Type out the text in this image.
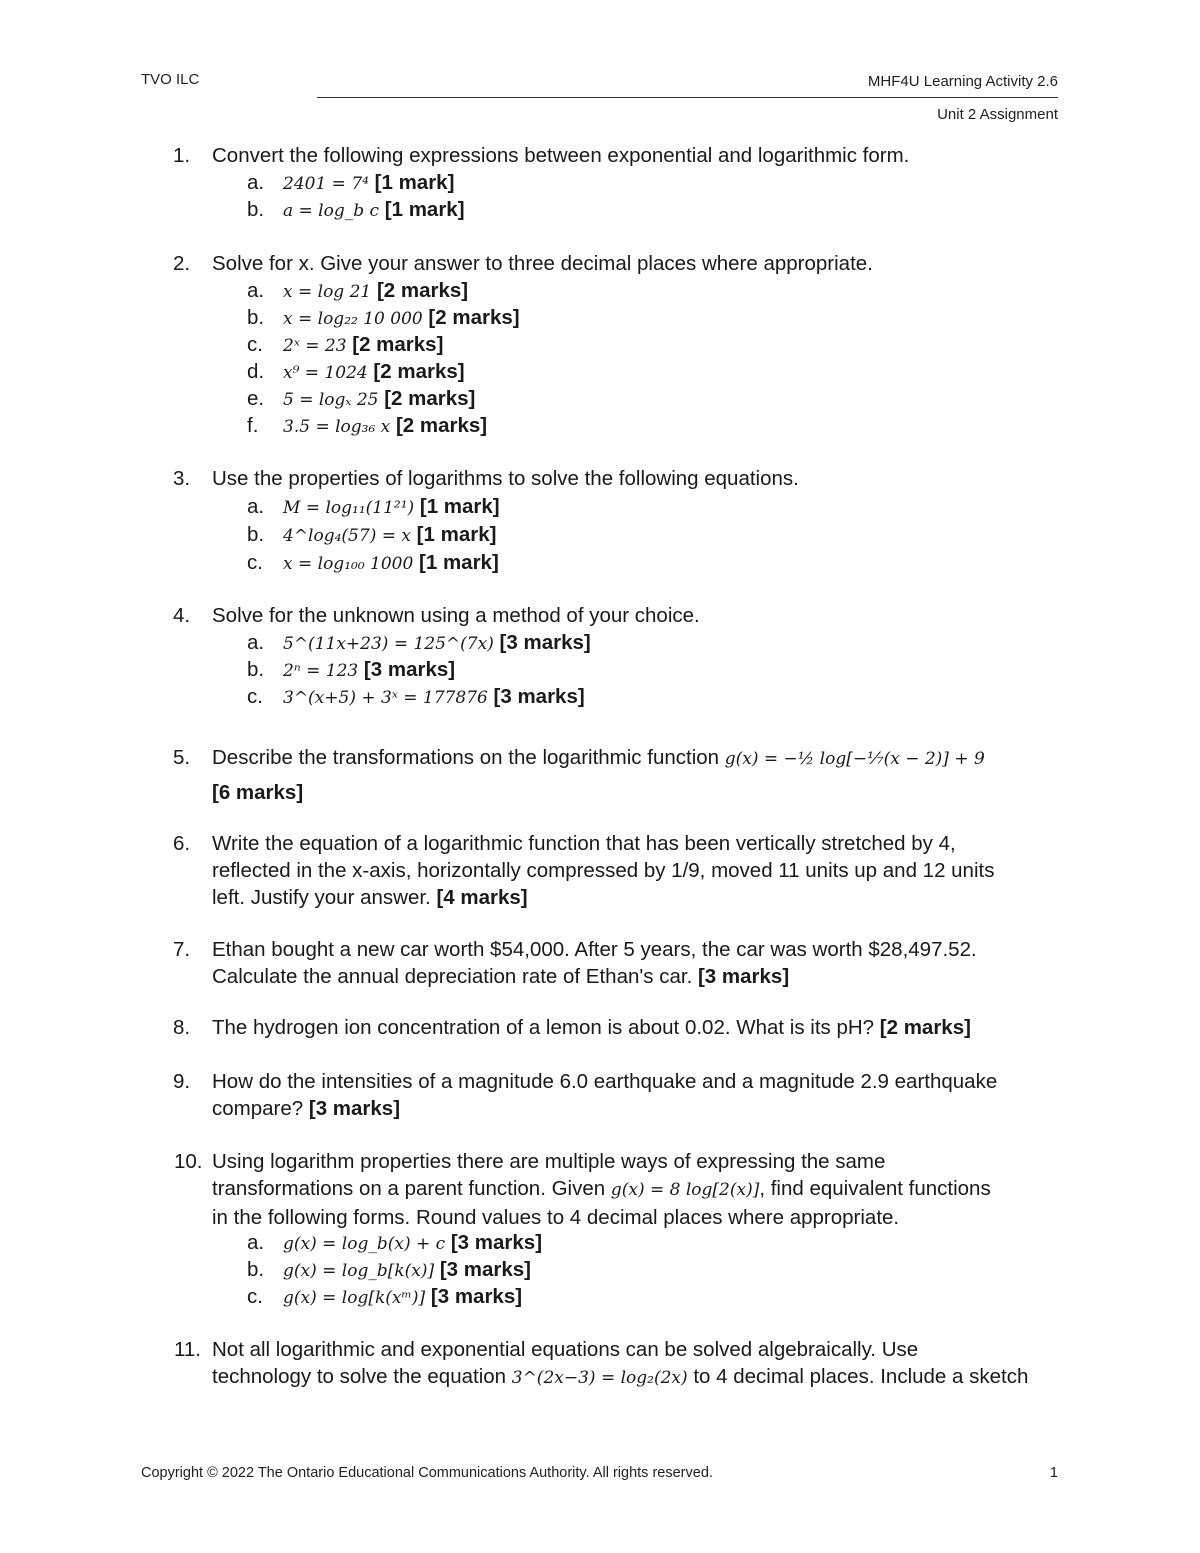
TVO ILC	MHF4U Learning Activity 2.6
Unit 2 Assignment
1. Convert the following expressions between exponential and logarithmic form.
a. 2401 = 7⁴ [1 mark]
b. a = log_b c [1 mark]
2. Solve for x. Give your answer to three decimal places where appropriate.
a. x = log 21 [2 marks]
b. x = log₂₂ 10 000 [2 marks]
c. 2ˣ = 23 [2 marks]
d. x⁹ = 1024 [2 marks]
e. 5 = logₓ 25 [2 marks]
f. 3.5 = log₃₆ x [2 marks]
3. Use the properties of logarithms to solve the following equations.
a. M = log₁₁(11²¹) [1 mark]
b. 4^log₄(57) = x [1 mark]
c. x = log₁₀₀ 1000 [1 mark]
4. Solve for the unknown using a method of your choice.
a. 5^(11x+23) = 125^(7x) [3 marks]
b. 2ⁿ = 123 [3 marks]
c. 3^(x+5) + 3ˣ = 177876 [3 marks]
5. Describe the transformations on the logarithmic function g(x) = −½ log[−⅐(x − 2)] + 9
[6 marks]
6. Write the equation of a logarithmic function that has been vertically stretched by 4,
reflected in the x-axis, horizontally compressed by 1/9, moved 11 units up and 12 units
left. Justify your answer. [4 marks]
7. Ethan bought a new car worth $54,000. After 5 years, the car was worth $28,497.52.
Calculate the annual depreciation rate of Ethan's car. [3 marks]
8. The hydrogen ion concentration of a lemon is about 0.02. What is its pH? [2 marks]
9. How do the intensities of a magnitude 6.0 earthquake and a magnitude 2.9 earthquake
compare? [3 marks]
10. Using logarithm properties there are multiple ways of expressing the same
transformations on a parent function. Given g(x) = 8 log[2(x)], find equivalent functions
in the following forms. Round values to 4 decimal places where appropriate.
a. g(x) = log_b(x) + c [3 marks]
b. g(x) = log_b[k(x)] [3 marks]
c. g(x) = log[k(xᵐ)] [3 marks]
11. Not all logarithmic and exponential equations can be solved algebraically. Use
technology to solve the equation 3^(2x−3) = log₂(2x) to 4 decimal places. Include a sketch
Copyright © 2022 The Ontario Educational Communications Authority. All rights reserved.	1
